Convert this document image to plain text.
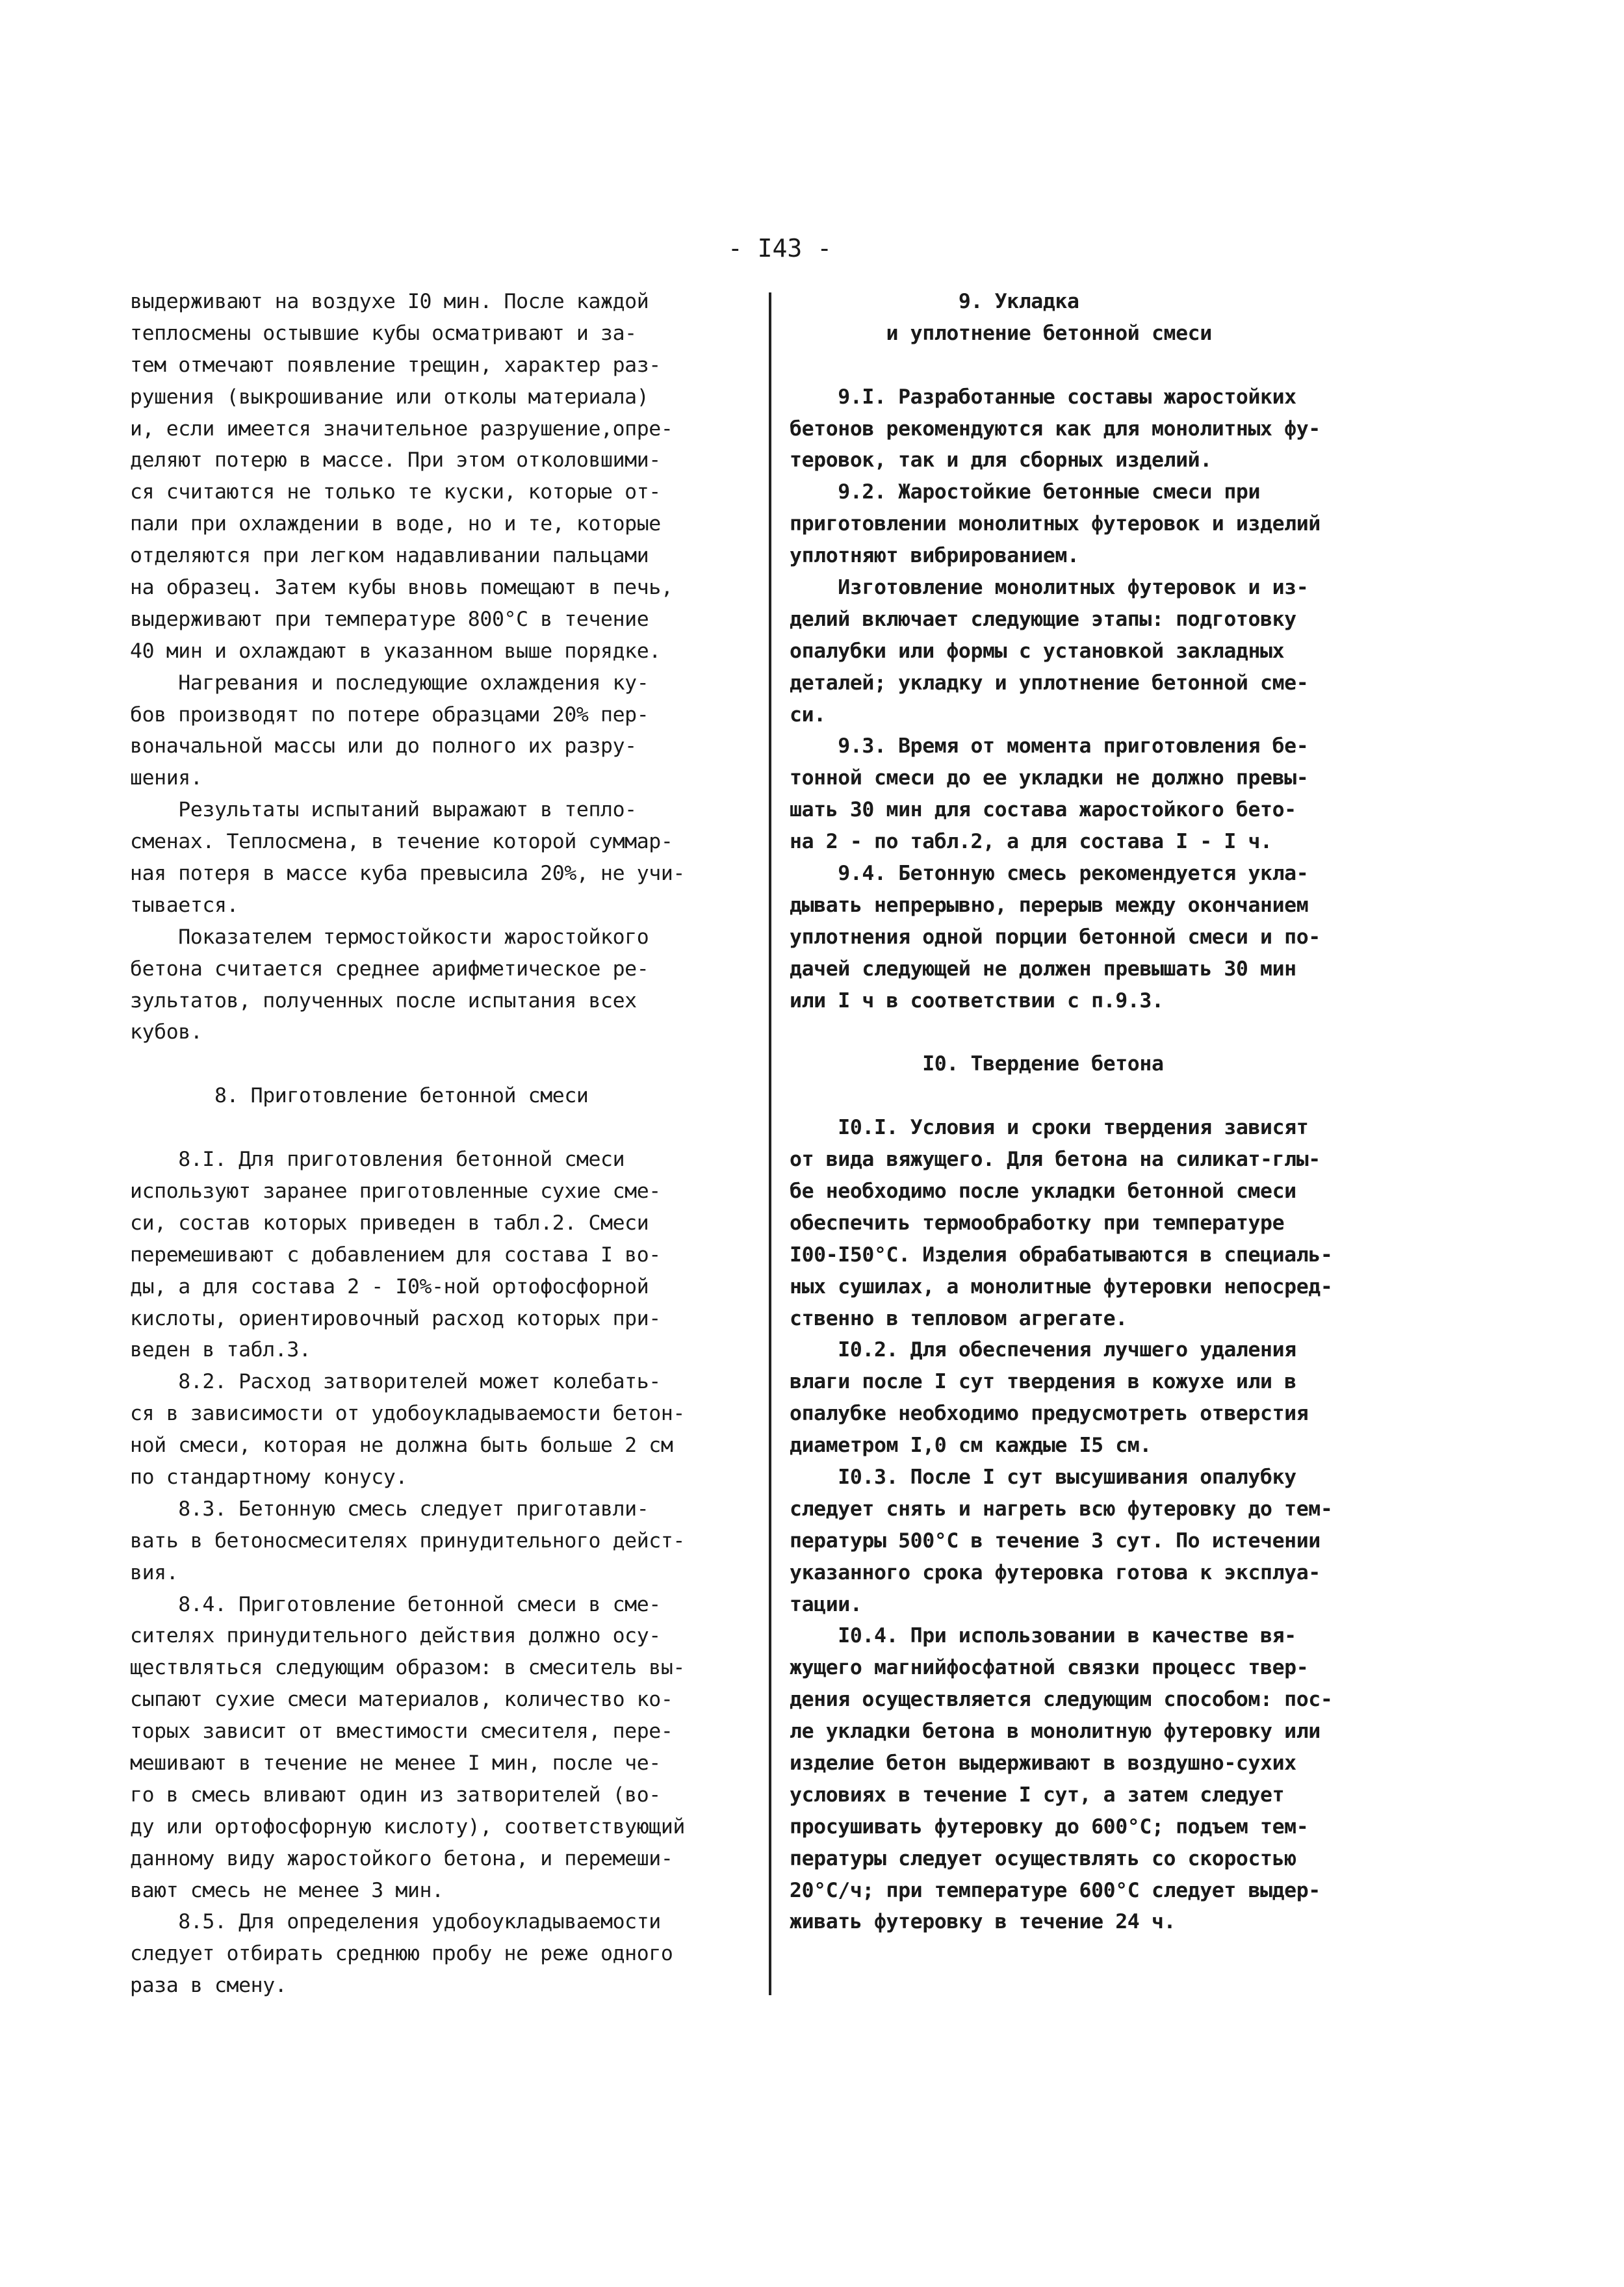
- I43 -
выдерживают на воздухе I0 мин. После каждой
теплосмены остывшие кубы осматривают и за-
тем отмечают появление трещин, характер раз-
рушения (выкрошивание или отколы материала)
и, если имеется значительное разрушение,опре-
деляют потерю в массе. При этом отколовшими-
ся считаются не только те куски, которые от-
пали при охлаждении в воде, но и те, которые
отделяются при легком надавливании пальцами
на образец. Затем кубы вновь помещают в печь,
выдерживают при температуре 800°С в течение
40 мин и охлаждают в указанном выше порядке.
Нагревания и последующие охлаждения ку-
бов производят по потере образцами 20% пер-
воначальной массы или до полного их разру-
шения.
Результаты испытаний выражают в тепло-
сменах. Теплосмена, в течение которой суммар-
ная потеря в массе куба превысила 20%, не учи-
тывается.
Показателем термостойкости жаростойкого
бетона считается среднее арифметическое ре-
зультатов, полученных после испытания всех
кубов.
8. Приготовление бетонной смеси
8.I. Для приготовления бетонной смеси
используют заранее приготовленные сухие сме-
си, состав которых приведен в табл.2. Смеси
перемешивают с добавлением для состава I во-
ды, а для состава 2 - I0%-ной ортофосфорной
кислоты, ориентировочный расход которых при-
веден в табл.3.
8.2. Расход затворителей может колебать-
ся в зависимости от удобоукладываемости бетон-
ной смеси, которая не должна быть больше 2 см
по стандартному конусу.
8.3. Бетонную смесь следует приготавли-
вать в бетоносмесителях принудительного дейст-
вия.
8.4. Приготовление бетонной смеси в сме-
сителях принудительного действия должно осу-
ществляться следующим образом: в смеситель вы-
сыпают сухие смеси материалов, количество ко-
торых зависит от вместимости смесителя, пере-
мешивают в течение не менее I мин, после че-
го в смесь вливают один из затворителей (во-
ду или ортофосфорную кислоту), соответствующий
данному виду жаростойкого бетона, и перемеши-
вают смесь не менее 3 мин.
8.5. Для определения удобоукладываемости
следует отбирать среднюю пробу не реже одного
раза в смену.
9. Укладка
и уплотнение бетонной смеси
9.I. Разработанные составы жаростойких
бетонов рекомендуются как для монолитных фу-
теровок, так и для сборных изделий.
9.2. Жаростойкие бетонные смеси при
приготовлении монолитных футеровок и изделий
уплотняют вибрированием.
Изготовление монолитных футеровок и из-
делий включает следующие этапы: подготовку
опалубки или формы с установкой закладных
деталей; укладку и уплотнение бетонной сме-
си.
9.3. Время от момента приготовления бе-
тонной смеси до ее укладки не должно превы-
шать 30 мин для состава жаростойкого бето-
на 2 - по табл.2, а для состава I - I ч.
9.4. Бетонную смесь рекомендуется укла-
дывать непрерывно, перерыв между окончанием
уплотнения одной порции бетонной смеси и по-
дачей следующей не должен превышать 30 мин
или I ч в соответствии с п.9.3.
I0. Твердение бетона
I0.I. Условия и сроки твердения зависят
от вида вяжущего. Для бетона на силикат-глы-
бе необходимо после укладки бетонной смеси
обеспечить термообработку при температуре
I00-I50°С. Изделия обрабатываются в специаль-
ных сушилах, а монолитные футеровки непосред-
ственно в тепловом агрегате.
I0.2. Для обеспечения лучшего удаления
влаги после I сут твердения в кожухе или в
опалубке необходимо предусмотреть отверстия
диаметром I,0 см каждые I5 см.
I0.3. После I сут высушивания опалубку
следует снять и нагреть всю футеровку до тем-
пературы 500°С в течение 3 сут. По истечении
указанного срока футеровка готова к эксплуа-
тации.
I0.4. При использовании в качестве вя-
жущего магнийфосфатной связки процесс твер-
дения осуществляется следующим способом: пос-
ле укладки бетона в монолитную футеровку или
изделие бетон выдерживают в воздушно-сухих
условиях в течение I сут, а затем следует
просушивать футеровку до 600°С; подъем тем-
пературы следует осуществлять со скоростью
20°С/ч; при температуре 600°С следует выдер-
живать футеровку в течение 24 ч.
